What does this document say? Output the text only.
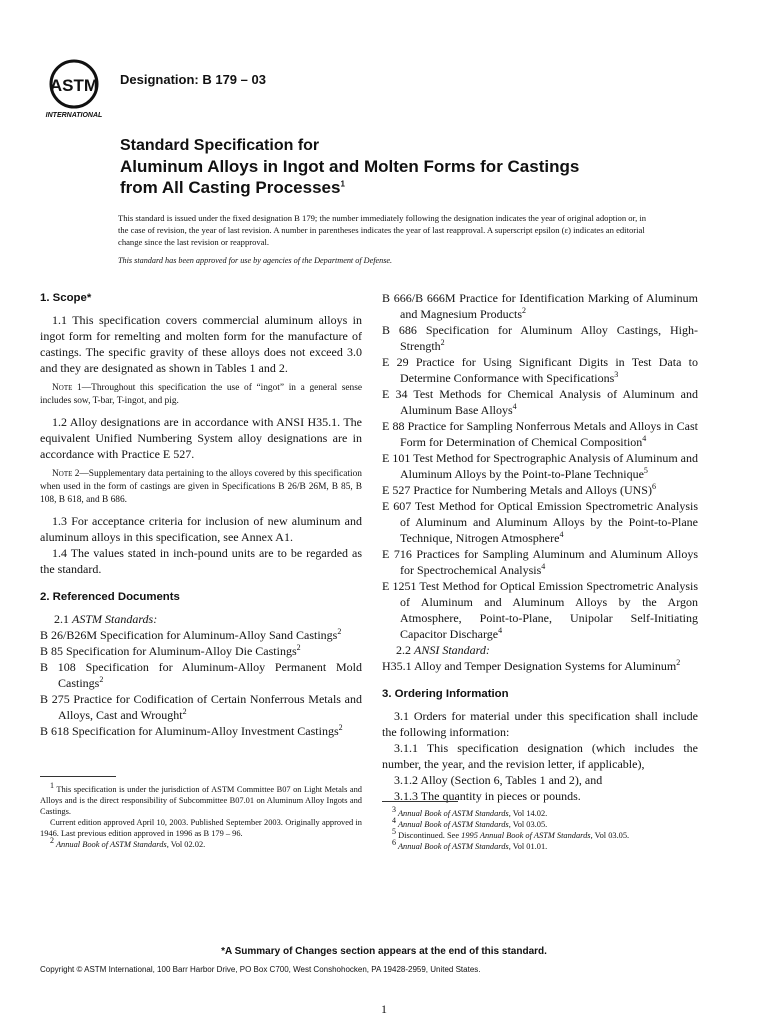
ASTM
INTERNATIONAL
Designation: B 179 – 03
Standard Specification for
Aluminum Alloys in Ingot and Molten Forms for Castings
from All Casting Processes$^1$
This standard is issued under the fixed designation B 179; the number immediately following the designation indicates the year of original adoption or, in the case of revision, the year of last revision. A number in parentheses indicates the year of last reapproval. A superscript epsilon (ε) indicates an editorial change since the last revision or reapproval.
This standard has been approved for use by agencies of the Department of Defense.

1. Scope*

1.1 This specification covers commercial aluminum alloys in ingot form for remelting and molten form for the manufacture of castings. The specific gravity of these alloys does not exceed 3.0 and they are designated as shown in Tables 1 and 2.

Note 1—Throughout this specification the use of “ingot” in a general sense includes sow, T-bar, T-ingot, and pig.

1.2 Alloy designations are in accordance with ANSI H35.1. The equivalent Unified Numbering System alloy designations are in accordance with Practice E 527.

Note 2—Supplementary data pertaining to the alloys covered by this specification when used in the form of castings are given in Specifications B 26/B 26M, B 85, B 108, B 618, and B 686.

1.3 For acceptance criteria for inclusion of new aluminum and aluminum alloys in this specification, see Annex A1.

1.4 The values stated in inch-pound units are to be regarded as the standard.

2. Referenced Documents

2.1 ASTM Standards:

B 26/B26M Specification for Aluminum-Alloy Sand Castings$^2$

B 85 Specification for Aluminum-Alloy Die Castings$^2$

B 108 Specification for Aluminum-Alloy Permanent Mold Castings$^2$

B 275 Practice for Codification of Certain Nonferrous Metals and Alloys, Cast and Wrought$^2$

B 618 Specification for Aluminum-Alloy Investment Castings$^2$

B 666/B 666M Practice for Identification Marking of Aluminum and Magnesium Products$^2$

B 686 Specification for Aluminum Alloy Castings, High-Strength$^2$

E 29 Practice for Using Significant Digits in Test Data to Determine Conformance with Specifications$^3$

E 34 Test Methods for Chemical Analysis of Aluminum and Aluminum Base Alloys$^4$

E 88 Practice for Sampling Nonferrous Metals and Alloys in Cast Form for Determination of Chemical Composition$^4$

E 101 Test Method for Spectrographic Analysis of Aluminum and Aluminum Alloys by the Point-to-Plane Technique$^5$

E 527 Practice for Numbering Metals and Alloys (UNS)$^6$

E 607 Test Method for Optical Emission Spectrometric Analysis of Aluminum and Aluminum Alloys by the Point-to-Plane Technique, Nitrogen Atmosphere$^4$

E 716 Practices for Sampling Aluminum and Aluminum Alloys for Spectrochemical Analysis$^4$

E 1251 Test Method for Optical Emission Spectrometric Analysis of Aluminum and Aluminum Alloys by the Argon Atmosphere, Point-to-Plane, Unipolar Self-Initiating Capacitor Discharge$^4$

2.2 ANSI Standard:

H35.1 Alloy and Temper Designation Systems for Aluminum$^2$

3. Ordering Information

3.1 Orders for material under this specification shall include the following information:

3.1.1 This specification designation (which includes the number, the year, and the revision letter, if applicable),

3.1.2 Alloy (Section 6, Tables 1 and 2), and

3.1.3 The quantity in pieces or pounds.

$^1$ This specification is under the jurisdiction of ASTM Committee B07 on Light Metals and Alloys and is the direct responsibility of Subcommittee B07.01 on Aluminum Alloy Ingots and Castings.

Current edition approved April 10, 2003. Published September 2003. Originally approved in 1946. Last previous edition approved in 1996 as B 179 – 96.

$^2$ Annual Book of ASTM Standards, Vol 02.02.

$^3$ Annual Book of ASTM Standards, Vol 14.02.

$^4$ Annual Book of ASTM Standards, Vol 03.05.

$^5$ Discontinued. See 1995 Annual Book of ASTM Standards, Vol 03.05.

$^6$ Annual Book of ASTM Standards, Vol 01.01.

*A Summary of Changes section appears at the end of this standard.
Copyright © ASTM International, 100 Barr Harbor Drive, PO Box C700, West Conshohocken, PA 19428-2959, United States.
1
